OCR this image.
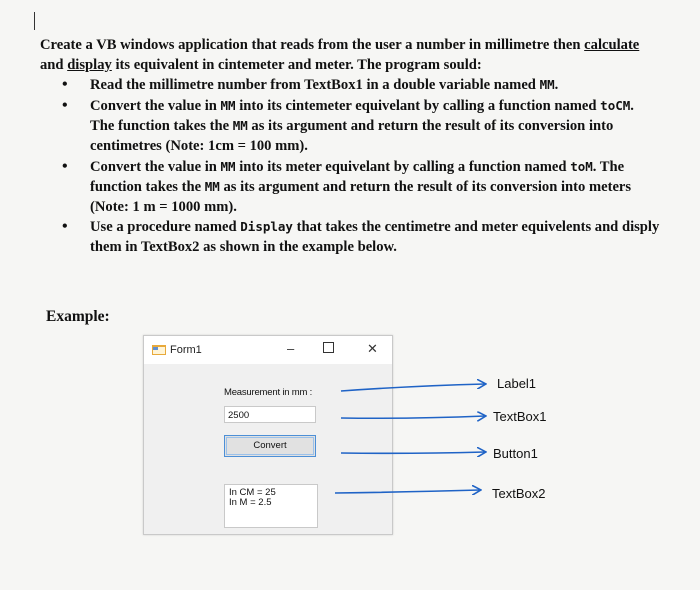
Create a VB windows application that reads from the user a number in millimetre then calculate and display its equivalent in cintemeter and meter. The program sould:

• Read the millimetre number from TextBox1 in a double variable named MM.
• Convert the value in MM into its cintemeter equivelant by calling a function named toCM. The function takes the MM as its argument and return the result of its conversion into centimetres (Note: 1cm = 100 mm).
• Convert the value in MM into its meter equivelant by calling a function named toM. The function takes the MM as its argument and return the result of its conversion into meters (Note: 1 m = 1000 mm).
• Use a procedure named Display that takes the centimetre and meter equivelents and disply them in TextBox2 as shown in the example below.
Example:
Form1	–	✕
Measurement in mm :
2500
Convert
In CM = 25
In M = 2.5
Label1
TextBox1
Button1
TextBox2
